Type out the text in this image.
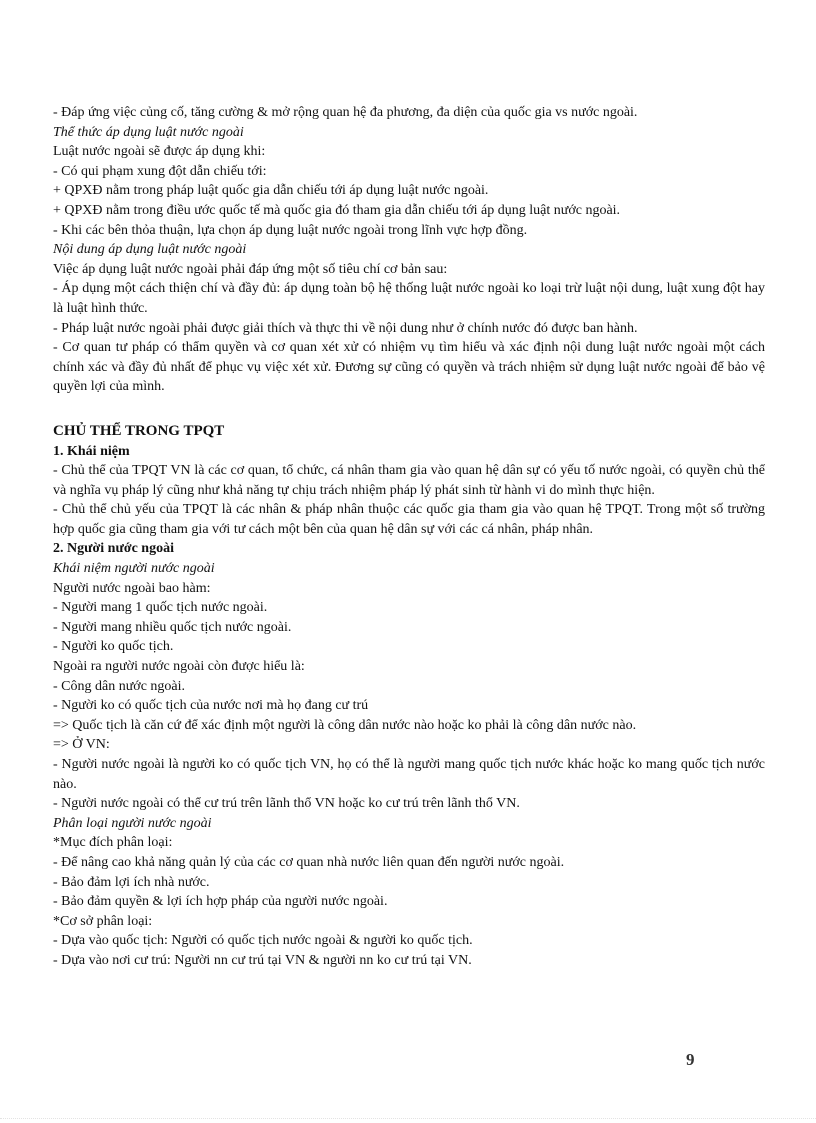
- Đáp ứng việc củng cố, tăng cường & mở rộng quan hệ đa phương, đa diện của quốc gia vs nước ngoài.

Thể thức áp dụng luật nước ngoài

Luật nước ngoài sẽ được áp dụng khi:

- Có qui phạm xung đột dẫn chiếu tới:

+ QPXĐ nằm trong pháp luật quốc gia dẫn chiếu tới áp dụng luật nước ngoài.

+ QPXĐ nằm trong điều ước quốc tế mà quốc gia đó tham gia dẫn chiếu tới áp dụng luật nước ngoài.

- Khi các bên thỏa thuận, lựa chọn áp dụng luật nước ngoài trong lĩnh vực hợp đồng.

Nội dung áp dụng luật nước ngoài

Việc áp dụng luật nước ngoài phải đáp ứng một số tiêu chí cơ bản sau:

- Áp dụng một cách thiện chí và đầy đủ: áp dụng toàn bộ hệ thống luật nước ngoài ko loại trừ luật nội dung, luật xung đột hay là luật hình thức.

- Pháp luật nước ngoài phải được giải thích và thực thi về nội dung như ở chính nước đó được ban hành.

- Cơ quan tư pháp có thẩm quyền và cơ quan xét xử có nhiệm vụ tìm hiểu và xác định nội dung luật nước ngoài một cách chính xác và đầy đủ nhất để phục vụ việc xét xử. Đương sự cũng có quyền và trách nhiệm sử dụng luật nước ngoài để bảo vệ quyền lợi của mình.

CHỦ THỂ TRONG TPQT

1. Khái niệm

- Chủ thể của TPQT VN là các cơ quan, tổ chức, cá nhân tham gia vào quan hệ dân sự có yếu tố nước ngoài, có quyền chủ thể và nghĩa vụ pháp lý cũng như khả năng tự chịu trách nhiệm pháp lý phát sinh từ hành vi do mình thực hiện.

- Chủ thể chủ yếu của TPQT là các nhân & pháp nhân thuộc các quốc gia tham gia vào quan hệ TPQT. Trong một số trường hợp quốc gia cũng tham gia với tư cách một bên của quan hệ dân sự với các cá nhân, pháp nhân.

2. Người nước ngoài

Khái niệm người nước ngoài

Người nước ngoài bao hàm:

- Người mang 1 quốc tịch nước ngoài.

- Người mang nhiều quốc tịch nước ngoài.

- Người ko quốc tịch.

Ngoài ra người nước ngoài còn được hiểu là:

- Công dân nước ngoài.

- Người ko có quốc tịch của nước nơi mà họ đang cư trú

=> Quốc tịch là căn cứ để xác định một người là công dân nước nào hoặc ko phải là công dân nước nào.

=> Ở VN:

- Người nước ngoài là người ko có quốc tịch VN, họ có thể là người mang quốc tịch nước khác hoặc ko mang quốc tịch nước nào.

- Người nước ngoài có thể cư trú trên lãnh thổ VN hoặc ko cư trú trên lãnh thổ VN.

Phân loại người nước ngoài

*Mục đích phân loại:

- Để nâng cao khả năng quản lý của các cơ quan nhà nước liên quan đến người nước ngoài.

- Bảo đảm lợi ích nhà nước.

- Bảo đảm quyền & lợi ích hợp pháp của người nước ngoài.

*Cơ sở phân loại:

- Dựa vào quốc tịch: Người có quốc tịch nước ngoài & người ko quốc tịch.

- Dựa vào nơi cư trú: Người nn cư trú tại VN & người nn ko cư trú tại VN.

9
